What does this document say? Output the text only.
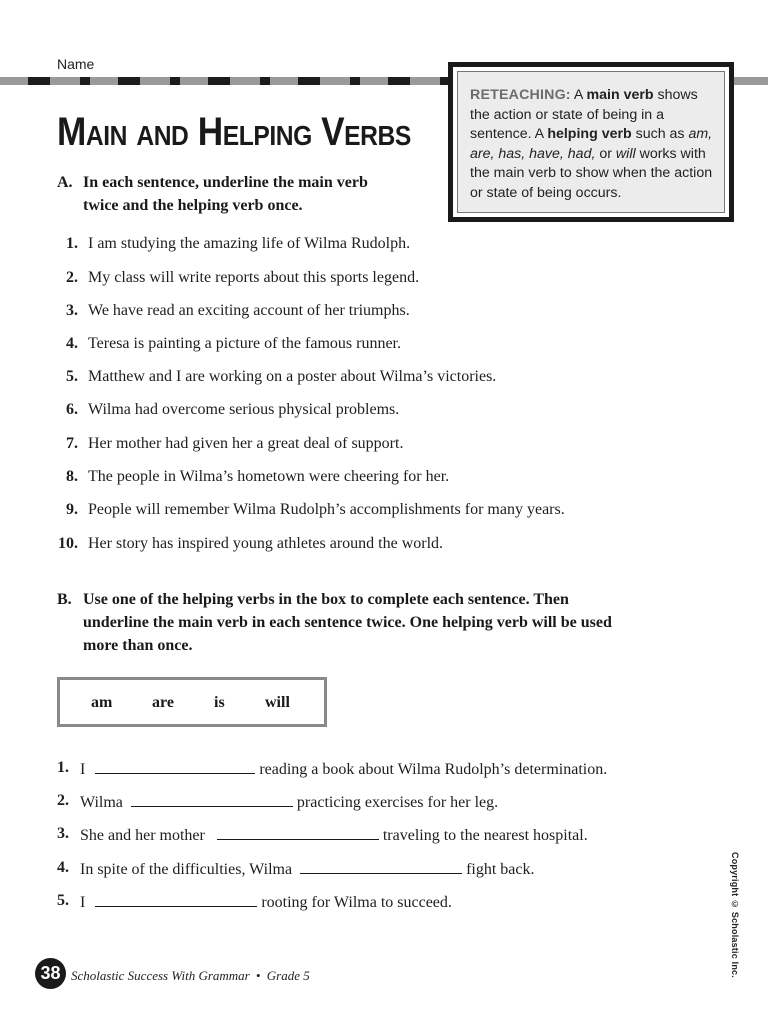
Name
Main and Helping Verbs
RETEACHING: A main verb shows the action or state of being in a sentence. A helping verb such as am, are, has, have, had, or will works with the main verb to show when the action or state of being occurs.
A. In each sentence, underline the main verb twice and the helping verb once.
1. I am studying the amazing life of Wilma Rudolph.
2. My class will write reports about this sports legend.
3. We have read an exciting account of her triumphs.
4. Teresa is painting a picture of the famous runner.
5. Matthew and I are working on a poster about Wilma’s victories.
6. Wilma had overcome serious physical problems.
7. Her mother had given her a great deal of support.
8. The people in Wilma’s hometown were cheering for her.
9. People will remember Wilma Rudolph’s accomplishments for many years.
10. Her story has inspired young athletes around the world.
B. Use one of the helping verbs in the box to complete each sentence. Then underline the main verb in each sentence twice. One helping verb will be used more than once.
am are	is	will
1. I	reading a book about Wilma Rudolph’s determination.
2. Wilma	practicing exercises for her leg.
3. She and her mother	traveling to the nearest hospital.
4. In spite of the difficulties, Wilma	fight back.
5. I	rooting for Wilma to succeed.	Copyright © Scholastic Inc.
38 Scholastic Success With Grammar • Grade 5
